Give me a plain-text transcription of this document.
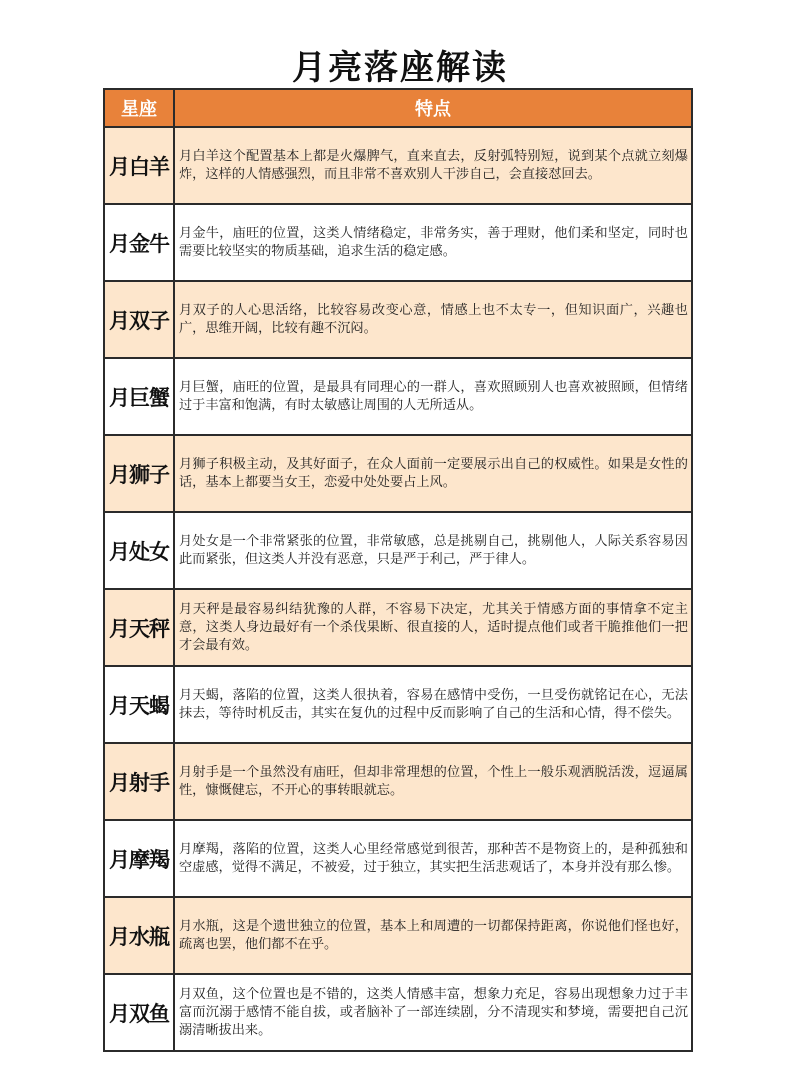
月亮落座解读
星座	特点
月白羊	月白羊这个配置基本上都是火爆脾气，直来直去，反射弧特别短，说到某个点就立刻爆炸，这样的人情感强烈，而且非常不喜欢别人干涉自己，会直接怼回去。
月金牛	月金牛，庙旺的位置，这类人情绪稳定，非常务实，善于理财，他们柔和坚定，同时也需要比较坚实的物质基础，追求生活的稳定感。
月双子	月双子的人心思活络，比较容易改变心意，情感上也不太专一，但知识面广，兴趣也广，思维开阔，比较有趣不沉闷。
月巨蟹	月巨蟹，庙旺的位置，是最具有同理心的一群人，喜欢照顾别人也喜欢被照顾，但情绪过于丰富和饱满，有时太敏感让周围的人无所适从。
月狮子	月狮子积极主动，及其好面子，在众人面前一定要展示出自己的权威性。如果是女性的话，基本上都要当女王，恋爱中处处要占上风。
月处女	月处女是一个非常紧张的位置，非常敏感，总是挑剔自己，挑剔他人，人际关系容易因此而紧张，但这类人并没有恶意，只是严于利己，严于律人。
月天秤	月天秤是最容易纠结犹豫的人群，不容易下决定，尤其关于情感方面的事情拿不定主意，这类人身边最好有一个杀伐果断、很直接的人，适时提点他们或者干脆推他们一把才会最有效。
月天蝎	月天蝎，落陷的位置，这类人很执着，容易在感情中受伤，一旦受伤就铭记在心，无法抹去，等待时机反击，其实在复仇的过程中反而影响了自己的生活和心情，得不偿失。
月射手	月射手是一个虽然没有庙旺，但却非常理想的位置，个性上一般乐观洒脱活泼，逗逼属性，慷慨健忘，不开心的事转眼就忘。
月摩羯	月摩羯，落陷的位置，这类人心里经常感觉到很苦，那种苦不是物资上的，是种孤独和空虚感，觉得不满足，不被爱，过于独立，其实把生活悲观话了，本身并没有那么惨。
月水瓶	月水瓶，这是个遗世独立的位置，基本上和周遭的一切都保持距离，你说他们怪也好，疏离也罢，他们都不在乎。
月双鱼	月双鱼，这个位置也是不错的，这类人情感丰富，想象力充足，容易出现想象力过于丰富而沉溺于感情不能自拔，或者脑补了一部连续剧，分不清现实和梦境，需要把自己沉溺清晰拔出来。
